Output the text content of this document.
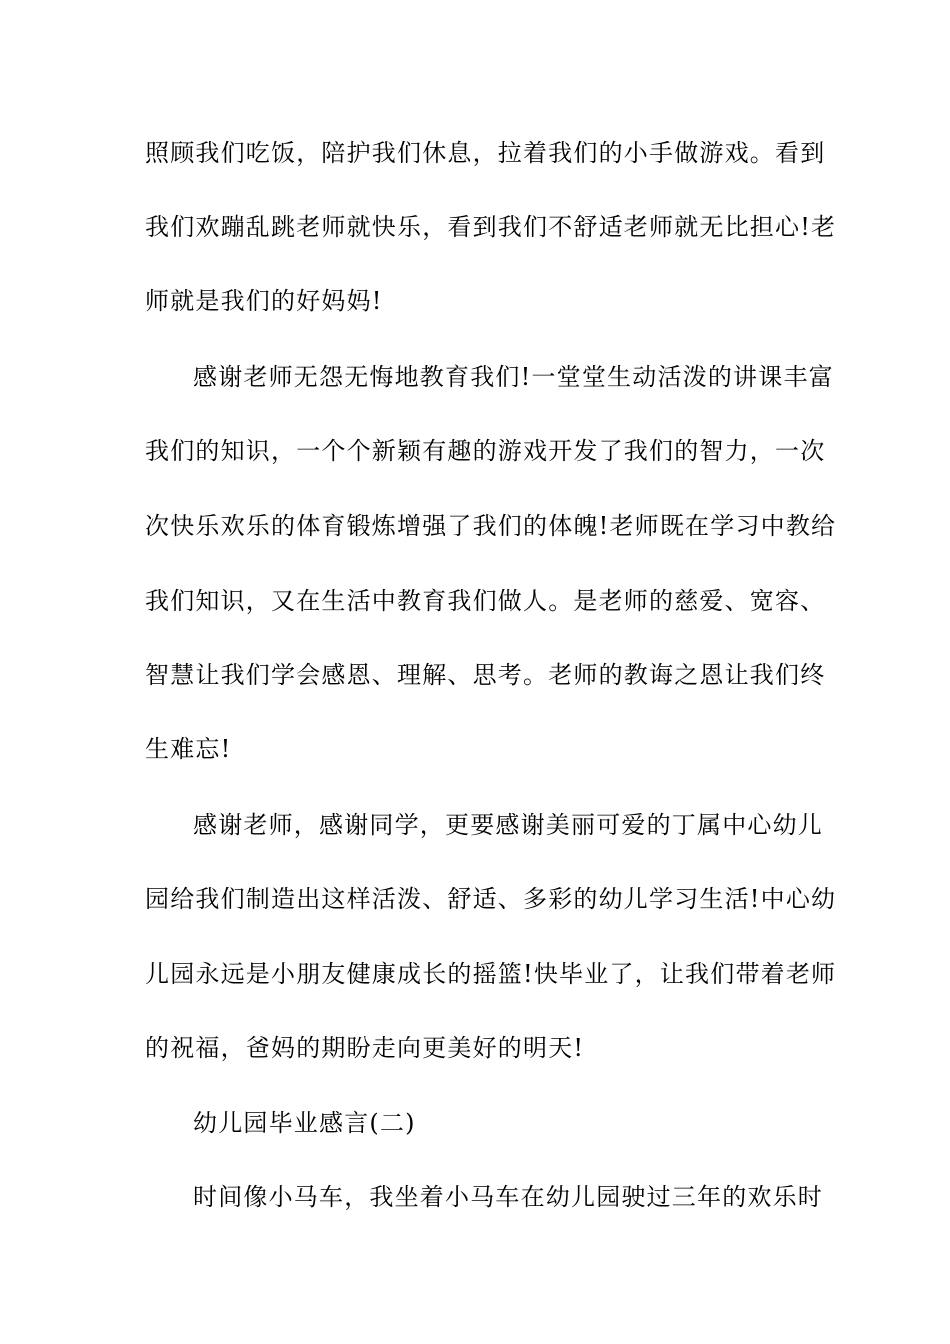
照顾我们吃饭，陪护我们休息，拉着我们的小手做游戏。看到
我们欢蹦乱跳老师就快乐，看到我们不舒适老师就无比担心!老
师就是我们的好妈妈!
感谢老师无怨无悔地教育我们!一堂堂生动活泼的讲课丰富
我们的知识，一个个新颖有趣的游戏开发了我们的智力，一次
次快乐欢乐的体育锻炼增强了我们的体魄!老师既在学习中教给
我们知识，又在生活中教育我们做人。是老师的慈爱、宽容、
智慧让我们学会感恩、理解、思考。老师的教诲之恩让我们终
生难忘!
感谢老师，感谢同学，更要感谢美丽可爱的丁属中心幼儿
园给我们制造出这样活泼、舒适、多彩的幼儿学习生活!中心幼
儿园永远是小朋友健康成长的摇篮!快毕业了，让我们带着老师
的祝福，爸妈的期盼走向更美好的明天!
幼儿园毕业感言(二)
时间像小马车，我坐着小马车在幼儿园驶过三年的欢乐时
